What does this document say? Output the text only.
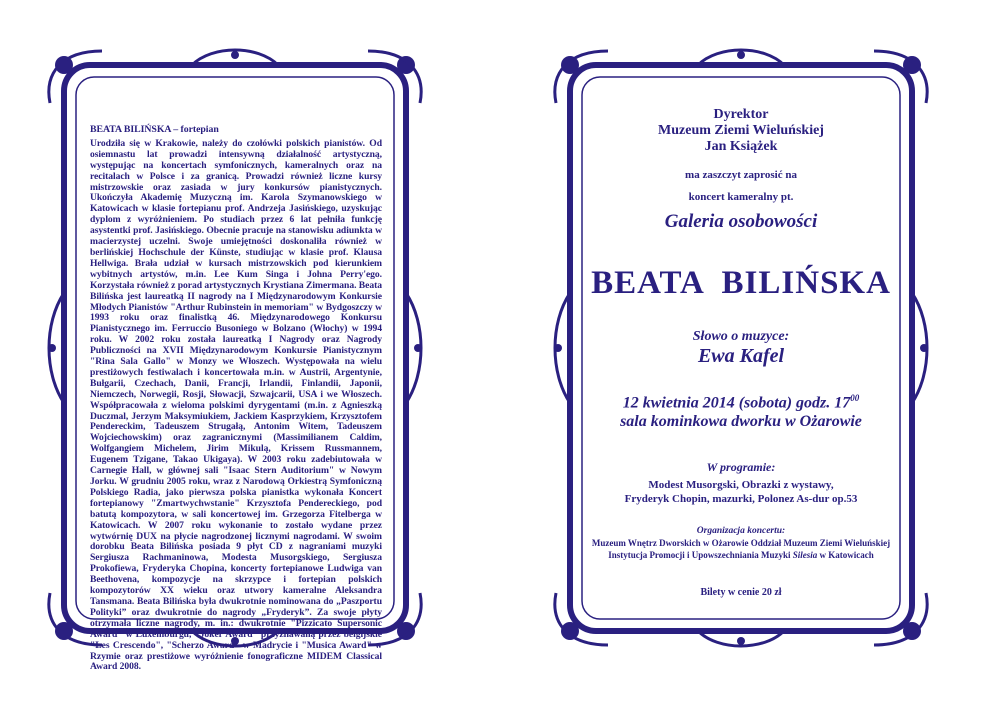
BEATA BILIŃSKA – fortepian

Urodziła się w Krakowie, należy do czołówki polskich pianistów. Od osiemnastu lat prowadzi intensywną działalność artystyczną, występując na koncertach symfonicznych, kameralnych oraz na recitalach w Polsce i za granicą. Prowadzi również liczne kursy mistrzowskie oraz zasiada w jury konkursów pianistycznych. Ukończyła Akademię Muzyczną im. Karola Szymanowskiego w Katowicach w klasie fortepianu prof. Andrzeja Jasińskiego, uzyskując dyplom z wyróżnieniem. Po studiach przez 6 lat pełniła funkcję asystentki prof. Jasińskiego. Obecnie pracuje na stanowisku adiunkta w macierzystej uczelni. Swoje umiejętności doskonaliła również w berlińskiej Hochschule der Künste, studiując w klasie prof. Klausa Hellwiga. Brała udział w kursach mistrzowskich pod kierunkiem wybitnych artystów, m.in. Lee Kum Singa i Johna Perry'ego. Korzystała również z porad artystycznych Krystiana Zimermana. Beata Bilińska jest laureatką II nagrody na I Międzynarodowym Konkursie Młodych Pianistów "Arthur Rubinstein in memoriam" w Bydgoszczy w 1993 roku oraz finalistką 46. Międzynarodowego Konkursu Pianistycznego im. Ferruccio Busoniego w Bolzano (Włochy) w 1994 roku. W 2002 roku została laureatką I Nagrody oraz Nagrody Publiczności na XVII Międzynarodowym Konkursie Pianistycznym "Rina Sala Gallo" w Monzy we Włoszech. Występowała na wielu prestiżowych festiwalach i koncertowała m.in. w Austrii, Argentynie, Bułgarii, Czechach, Danii, Francji, Irlandii, Finlandii, Japonii, Niemczech, Norwegii, Rosji, Słowacji, Szwajcarii, USA i we Włoszech. Współpracowała z wieloma polskimi dyrygentami (m.in. z Agnieszką Duczmal, Jerzym Maksymiukiem, Jackiem Kasprzykiem, Krzysztofem Pendereckim, Tadeuszem Strugałą, Antonim Witem, Tadeuszem Wojciechowskim) oraz zagranicznymi (Massimilianem Caldim, Wolfgangiem Michelem, Jirim Mikulą, Krissem Russmannem, Eugenem Tzigane, Takao Ukigaya). W 2003 roku zadebiutowała w Carnegie Hall, w głównej sali "Isaac Stern Auditorium" w Nowym Jorku. W grudniu 2005 roku, wraz z Narodową Orkiestrą Symfoniczną Polskiego Radia, jako pierwsza polska pianistka wykonała Koncert fortepianowy "Zmartwychwstanie" Krzysztofa Pendereckiego, pod batutą kompozytora, w sali koncertowej im. Grzegorza Fitelberga w Katowicach. W 2007 roku wykonanie to zostało wydane przez wytwórnię DUX na płycie nagrodzonej licznymi nagrodami. W swoim dorobku Beata Bilińska posiada 9 płyt CD z nagraniami muzyki Sergiusza Rachmaninowa, Modesta Musorgskiego, Sergiusza Prokofiewa, Fryderyka Chopina, koncerty fortepianowe Ludwiga van Beethovena, kompozycje na skrzypce i fortepian polskich kompozytorów XX wieku oraz utwory kameralne Aleksandra Tansmana. Beata Bilińska była dwukrotnie nominowana do „Paszportu Polityki” oraz dwukrotnie do nagrody „Fryderyk”. Za swoje płyty otrzymała liczne nagrody, m. in.: dwukrotnie "Pizzicato Supersonic Award" w Luxemburgu, "Joker Award" przyznawaną przez belgijskie "Les Crescendo", "Scherzo Award" w Madrycie i "Musica Award" w Rzymie oraz prestiżowe wyróżnienie fonograficzne MIDEM Classical Award 2008.

Dyrektor
Muzeum Ziemi Wieluńskiej
Jan Książek
ma zaszczyt zaprosić na
koncert kameralny pt.
Galeria osobowości
BEATA  BILIŃSKA
Słowo o muzyce:
Ewa Kafel
12 kwietnia 2014 (sobota) godz. $17^{00}$
sala kominkowa dworku w Ożarowie
W programie:
Modest Musorgski, Obrazki z wystawy,
Fryderyk Chopin, mazurki, Polonez As-dur op.53
Organizacja koncertu:
Muzeum Wnętrz Dworskich w Ożarowie Oddział Muzeum Ziemi Wieluńskiej
Instytucja Promocji i Upowszechniania Muzyki Silesia w Katowicach
Bilety w cenie 20 zł
